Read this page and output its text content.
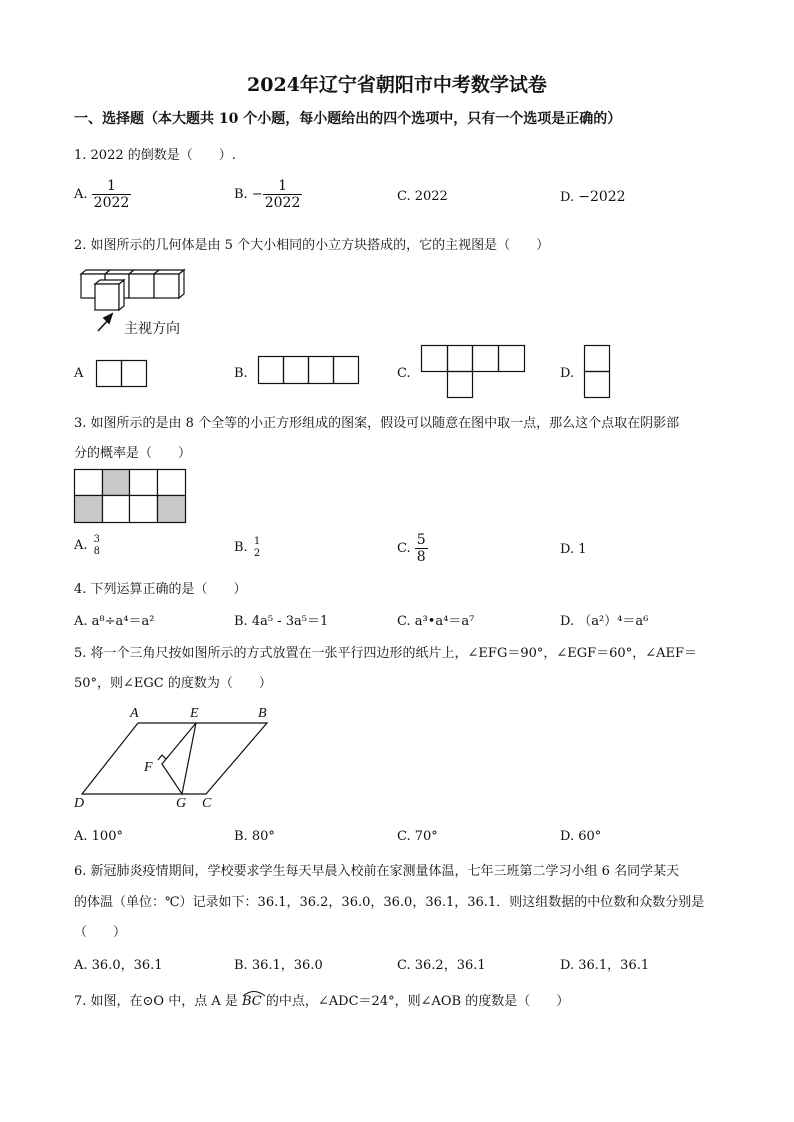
2024年辽宁省朝阳市中考数学试卷
一、选择题（本大题共 10 个小题，每小题给出的四个选项中，只有一个选项是正确的）
1. 2022 的倒数是（　　）.
A. $\frac{1}{2022}$	B. − $\frac{1}{2022}$	C. 2022	D. −2022
2. 如图所示的几何体是由 5 个大小相同的小立方块搭成的，它的主视图是（　　）
主视方向
A	B.	C.	D.
3. 如图所示的是由 8 个全等的小正方形组成的图案，假设可以随意在图中取一点，那么这个点取在阴影部
分的概率是（　　）
A. 3
8	B. 1
2	C. $\frac{5}{8}$	D. 1
4. 下列运算正确的是（　　）
A. a⁸÷a⁴＝a²	B. 4a⁵ - 3a⁵＝1	C. a³•a⁴＝a⁷	D. （a²）⁴＝a⁶
5. 将一个三角尺按如图所示的方式放置在一张平行四边形的纸片上，∠EFG＝90°，∠EGF＝60°，∠AEF＝
50°，则∠EGC 的度数为（　　）
A	E	B
F
D	G C
A. 100°	B. 80°	C. 70°	D. 60°
6. 新冠肺炎疫情期间，学校要求学生每天早晨入校前在家测量体温，七年三班第二学习小组 6 名同学某天
的体温（单位：℃）记录如下：36.1，36.2，36.0，36.0，36.1，36.1．则这组数据的中位数和众数分别是
（　　）
A. 36.0，36.1	B. 36.1，36.0	C. 36.2，36.1	D. 36.1，36.1
7. 如图，在⊙O 中，点 A 是 BC 的中点，∠ADC＝24°，则∠AOB 的度数是（　　）
